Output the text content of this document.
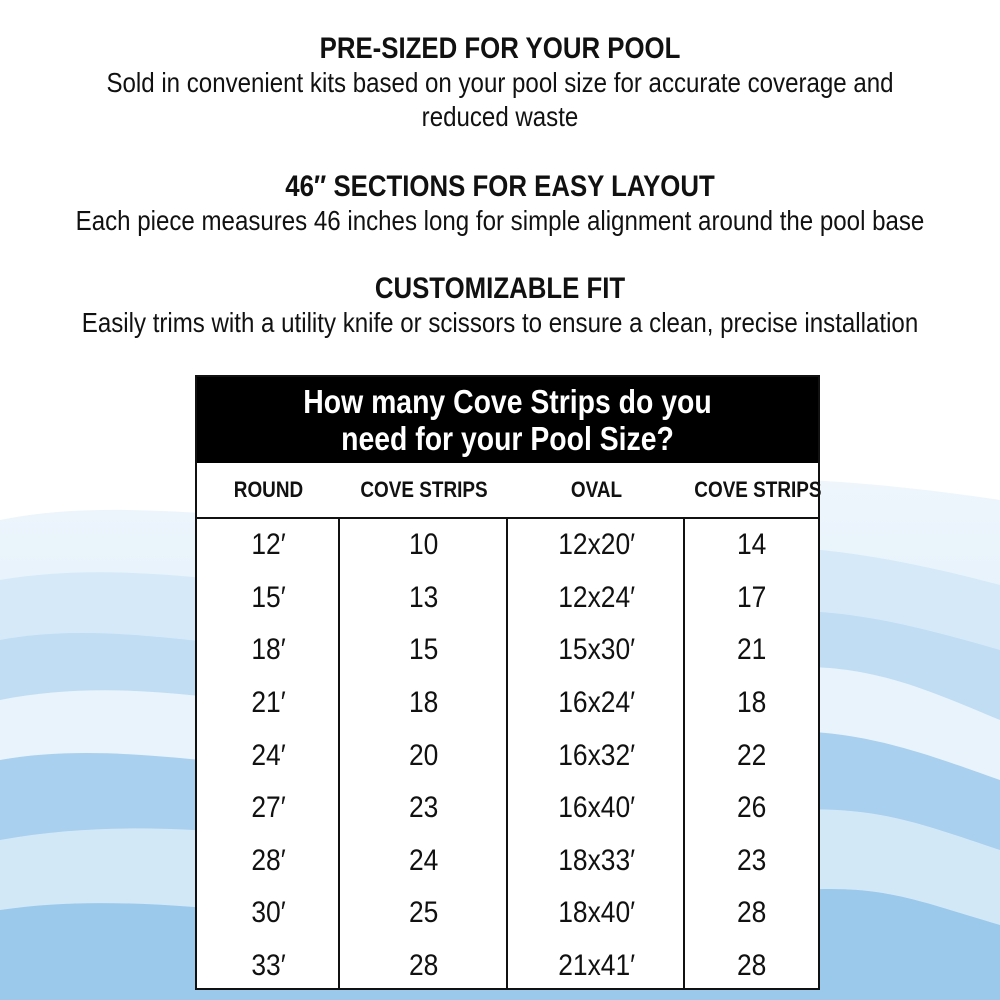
PRE-SIZED FOR YOUR POOL
Sold in convenient kits based on your pool size for accurate coverage and reduced waste
46″ SECTIONS FOR EASY LAYOUT
Each piece measures 46 inches long for simple alignment around the pool base
CUSTOMIZABLE FIT
Easily trims with a utility knife or scissors to ensure a clean, precise installation
How many Cove Strips do you
need for your Pool Size?
ROUND	COVE STRIPS	OVAL	COVE STRIPS
12′	10	12x20′	14
15′	13	12x24′	17
18′	15	15x30′	21
21′	18	16x24′	18
24′	20	16x32′	22
27′	23	16x40′	26
28′	24	18x33′	23
30′	25	18x40′	28
33′	28	21x41′	28
